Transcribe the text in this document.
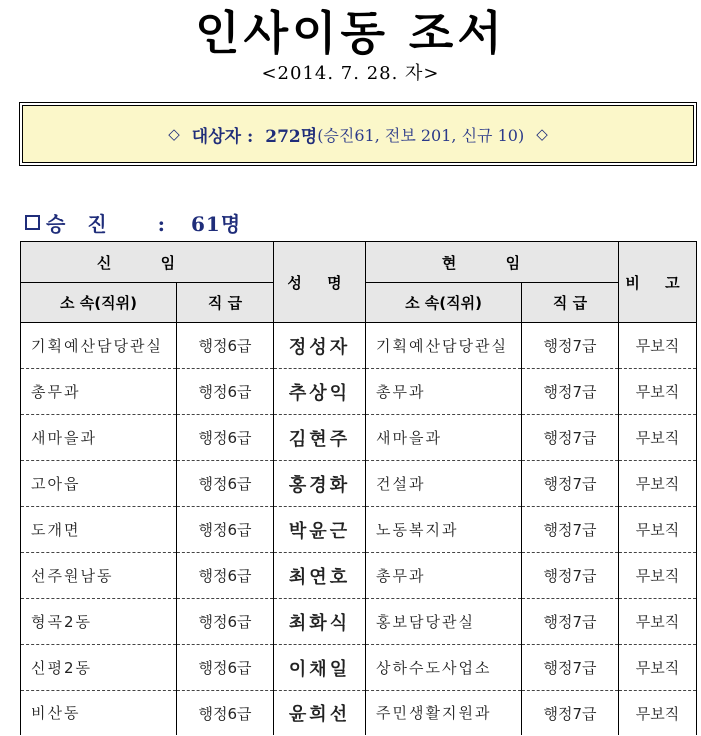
인사이동 조서
<2014. 7. 28. 자>
◇ 대상자 : 272명 (승진61, 전보 201, 신규 10) ◇
승진 : 61명
신 임		성 명	현 임		비 고
소 속(직위)	직 급		소 속(직위)	직 급	
기획예산담당관실	행정6급	정성자	기획예산담당관실	행정7급	무보직
총무과	행정6급	추상익	총무과	행정7급	무보직
새마을과	행정6급	김현주	새마을과	행정7급	무보직
고아읍	행정6급	홍경화	건설과	행정7급	무보직
도개면	행정6급	박윤근	노동복지과	행정7급	무보직
선주원남동	행정6급	최연호	총무과	행정7급	무보직
형곡2동	행정6급	최화식	홍보담당관실	행정7급	무보직
신평2동	행정6급	이채일	상하수도사업소	행정7급	무보직
비산동	행정6급	윤희선	주민생활지원과	행정7급	무보직
